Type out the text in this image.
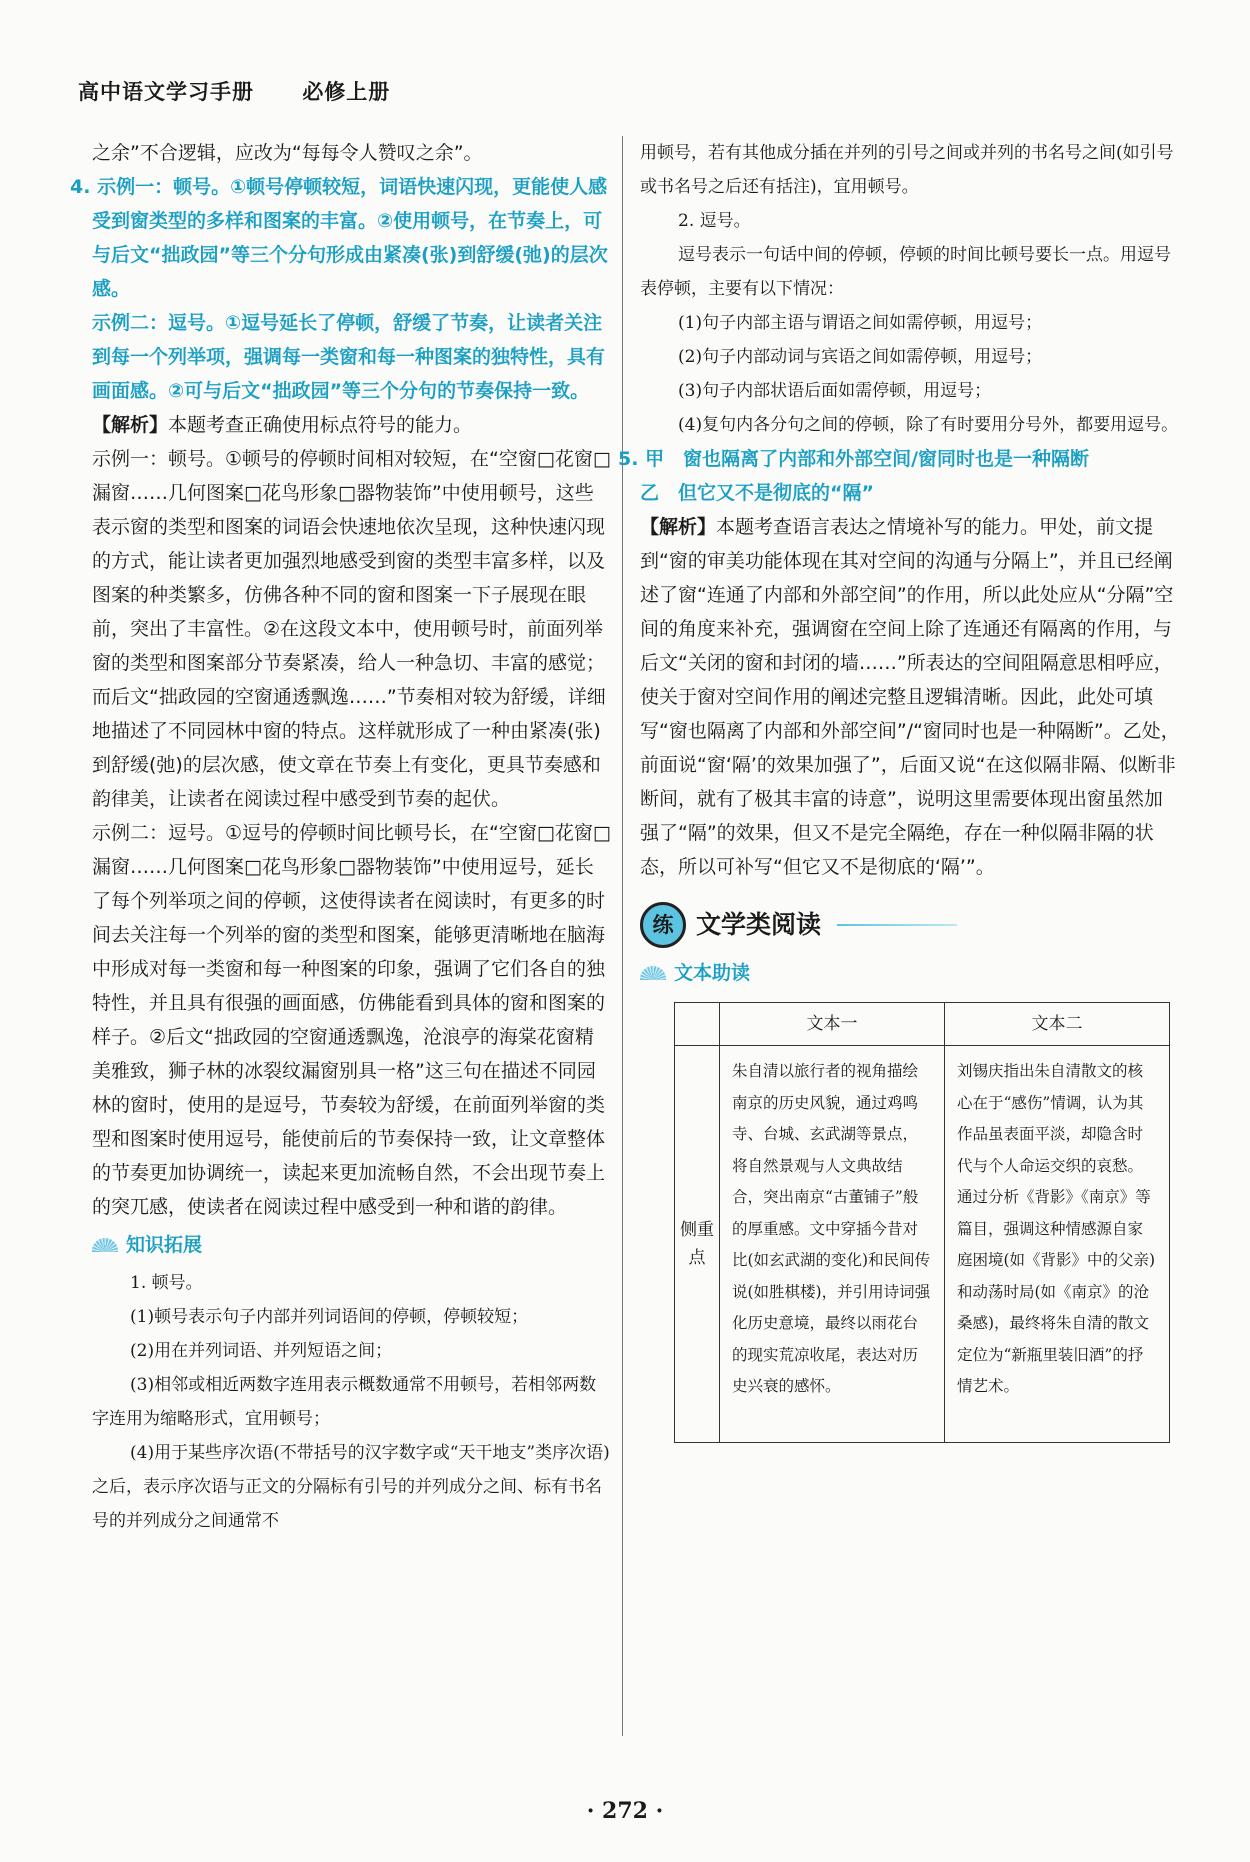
高中语文学习手册 必修上册

之余”不合逻辑，应改为“每每令人赞叹之余”。

4. 示例一：顿号。①顿号停顿较短，词语快速闪现，更能使人感受到窗类型的多样和图案的丰富。②使用顿号，在节奏上，可与后文“拙政园”等三个分句形成由紧凑(张)到舒缓(弛)的层次感。

示例二：逗号。①逗号延长了停顿，舒缓了节奏，让读者关注到每一个列举项，强调每一类窗和每一种图案的独特性，具有画面感。②可与后文“拙政园”等三个分句的节奏保持一致。

【解析】本题考查正确使用标点符号的能力。

示例一：顿号。①顿号的停顿时间相对较短，在“空窗□花窗□漏窗……几何图案□花鸟形象□器物装饰”中使用顿号，这些表示窗的类型和图案的词语会快速地依次呈现，这种快速闪现的方式，能让读者更加强烈地感受到窗的类型丰富多样，以及图案的种类繁多，仿佛各种不同的窗和图案一下子展现在眼前，突出了丰富性。②在这段文本中，使用顿号时，前面列举窗的类型和图案部分节奏紧凑，给人一种急切、丰富的感觉；而后文“拙政园的空窗通透飘逸……”节奏相对较为舒缓，详细地描述了不同园林中窗的特点。这样就形成了一种由紧凑(张)到舒缓(弛)的层次感，使文章在节奏上有变化，更具节奏感和韵律美，让读者在阅读过程中感受到节奏的起伏。

示例二：逗号。①逗号的停顿时间比顿号长，在“空窗□花窗□漏窗……几何图案□花鸟形象□器物装饰”中使用逗号，延长了每个列举项之间的停顿，这使得读者在阅读时，有更多的时间去关注每一个列举的窗的类型和图案，能够更清晰地在脑海中形成对每一类窗和每一种图案的印象，强调了它们各自的独特性，并且具有很强的画面感，仿佛能看到具体的窗和图案的样子。②后文“拙政园的空窗通透飘逸，沧浪亭的海棠花窗精美雅致，狮子林的冰裂纹漏窗别具一格”这三句在描述不同园林的窗时，使用的是逗号，节奏较为舒缓，在前面列举窗的类型和图案时使用逗号，能使前后的节奏保持一致，让文章整体的节奏更加协调统一，读起来更加流畅自然，不会出现节奏上的突兀感，使读者在阅读过程中感受到一种和谐的韵律。

知识拓展

1. 顿号。

(1)顿号表示句子内部并列词语间的停顿，停顿较短；

(2)用在并列词语、并列短语之间；

(3)相邻或相近两数字连用表示概数通常不用顿号，若相邻两数字连用为缩略形式，宜用顿号；

(4)用于某些序次语(不带括号的汉字数字或“天干地支”类序次语)之后，表示序次语与正文的分隔标有引号的并列成分之间、标有书名号的并列成分之间通常不

用顿号，若有其他成分插在并列的引号之间或并列的书名号之间(如引号或书名号之后还有括注)，宜用顿号。

2. 逗号。

逗号表示一句话中间的停顿，停顿的时间比顿号要长一点。用逗号表停顿，主要有以下情况：

(1)句子内部主语与谓语之间如需停顿，用逗号；

(2)句子内部动词与宾语之间如需停顿，用逗号；

(3)句子内部状语后面如需停顿，用逗号；

(4)复句内各分句之间的停顿，除了有时要用分号外，都要用逗号。

5. 甲　窗也隔离了内部和外部空间/窗同时也是一种隔断

乙　但它又不是彻底的“隔”

【解析】本题考查语言表达之情境补写的能力。甲处，前文提到“窗的审美功能体现在其对空间的沟通与分隔上”，并且已经阐述了窗“连通了内部和外部空间”的作用，所以此处应从“分隔”空间的角度来补充，强调窗在空间上除了连通还有隔离的作用，与后文“关闭的窗和封闭的墙……”所表达的空间阻隔意思相呼应，使关于窗对空间作用的阐述完整且逻辑清晰。因此，此处可填写“窗也隔离了内部和外部空间”/“窗同时也是一种隔断”。乙处，前面说“窗‘隔’的效果加强了”，后面又说“在这似隔非隔、似断非断间，就有了极其丰富的诗意”，说明这里需要体现出窗虽然加强了“隔”的效果，但又不是完全隔绝，存在一种似隔非隔的状态，所以可补写“但它又不是彻底的‘隔’”。

练 文学类阅读
文本助读
	文本一	文本二
侧重点	朱自清以旅行者的视角描绘南京的历史风貌，通过鸡鸣寺、台城、玄武湖等景点，将自然景观与人文典故结合，突出南京“古董铺子”般的厚重感。文中穿插今昔对比(如玄武湖的变化)和民间传说(如胜棋楼)，并引用诗词强化历史意境，最终以雨花台的现实荒凉收尾，表达对历史兴衰的感怀。	刘锡庆指出朱自清散文的核心在于“感伤”情调，认为其作品虽表面平淡，却隐含时代与个人命运交织的哀愁。通过分析《背影》《南京》等篇目，强调这种情感源自家庭困境(如《背影》中的父亲)和动荡时局(如《南京》的沧桑感)，最终将朱自清的散文定位为“新瓶里装旧酒”的抒情艺术。
· 272 ·
